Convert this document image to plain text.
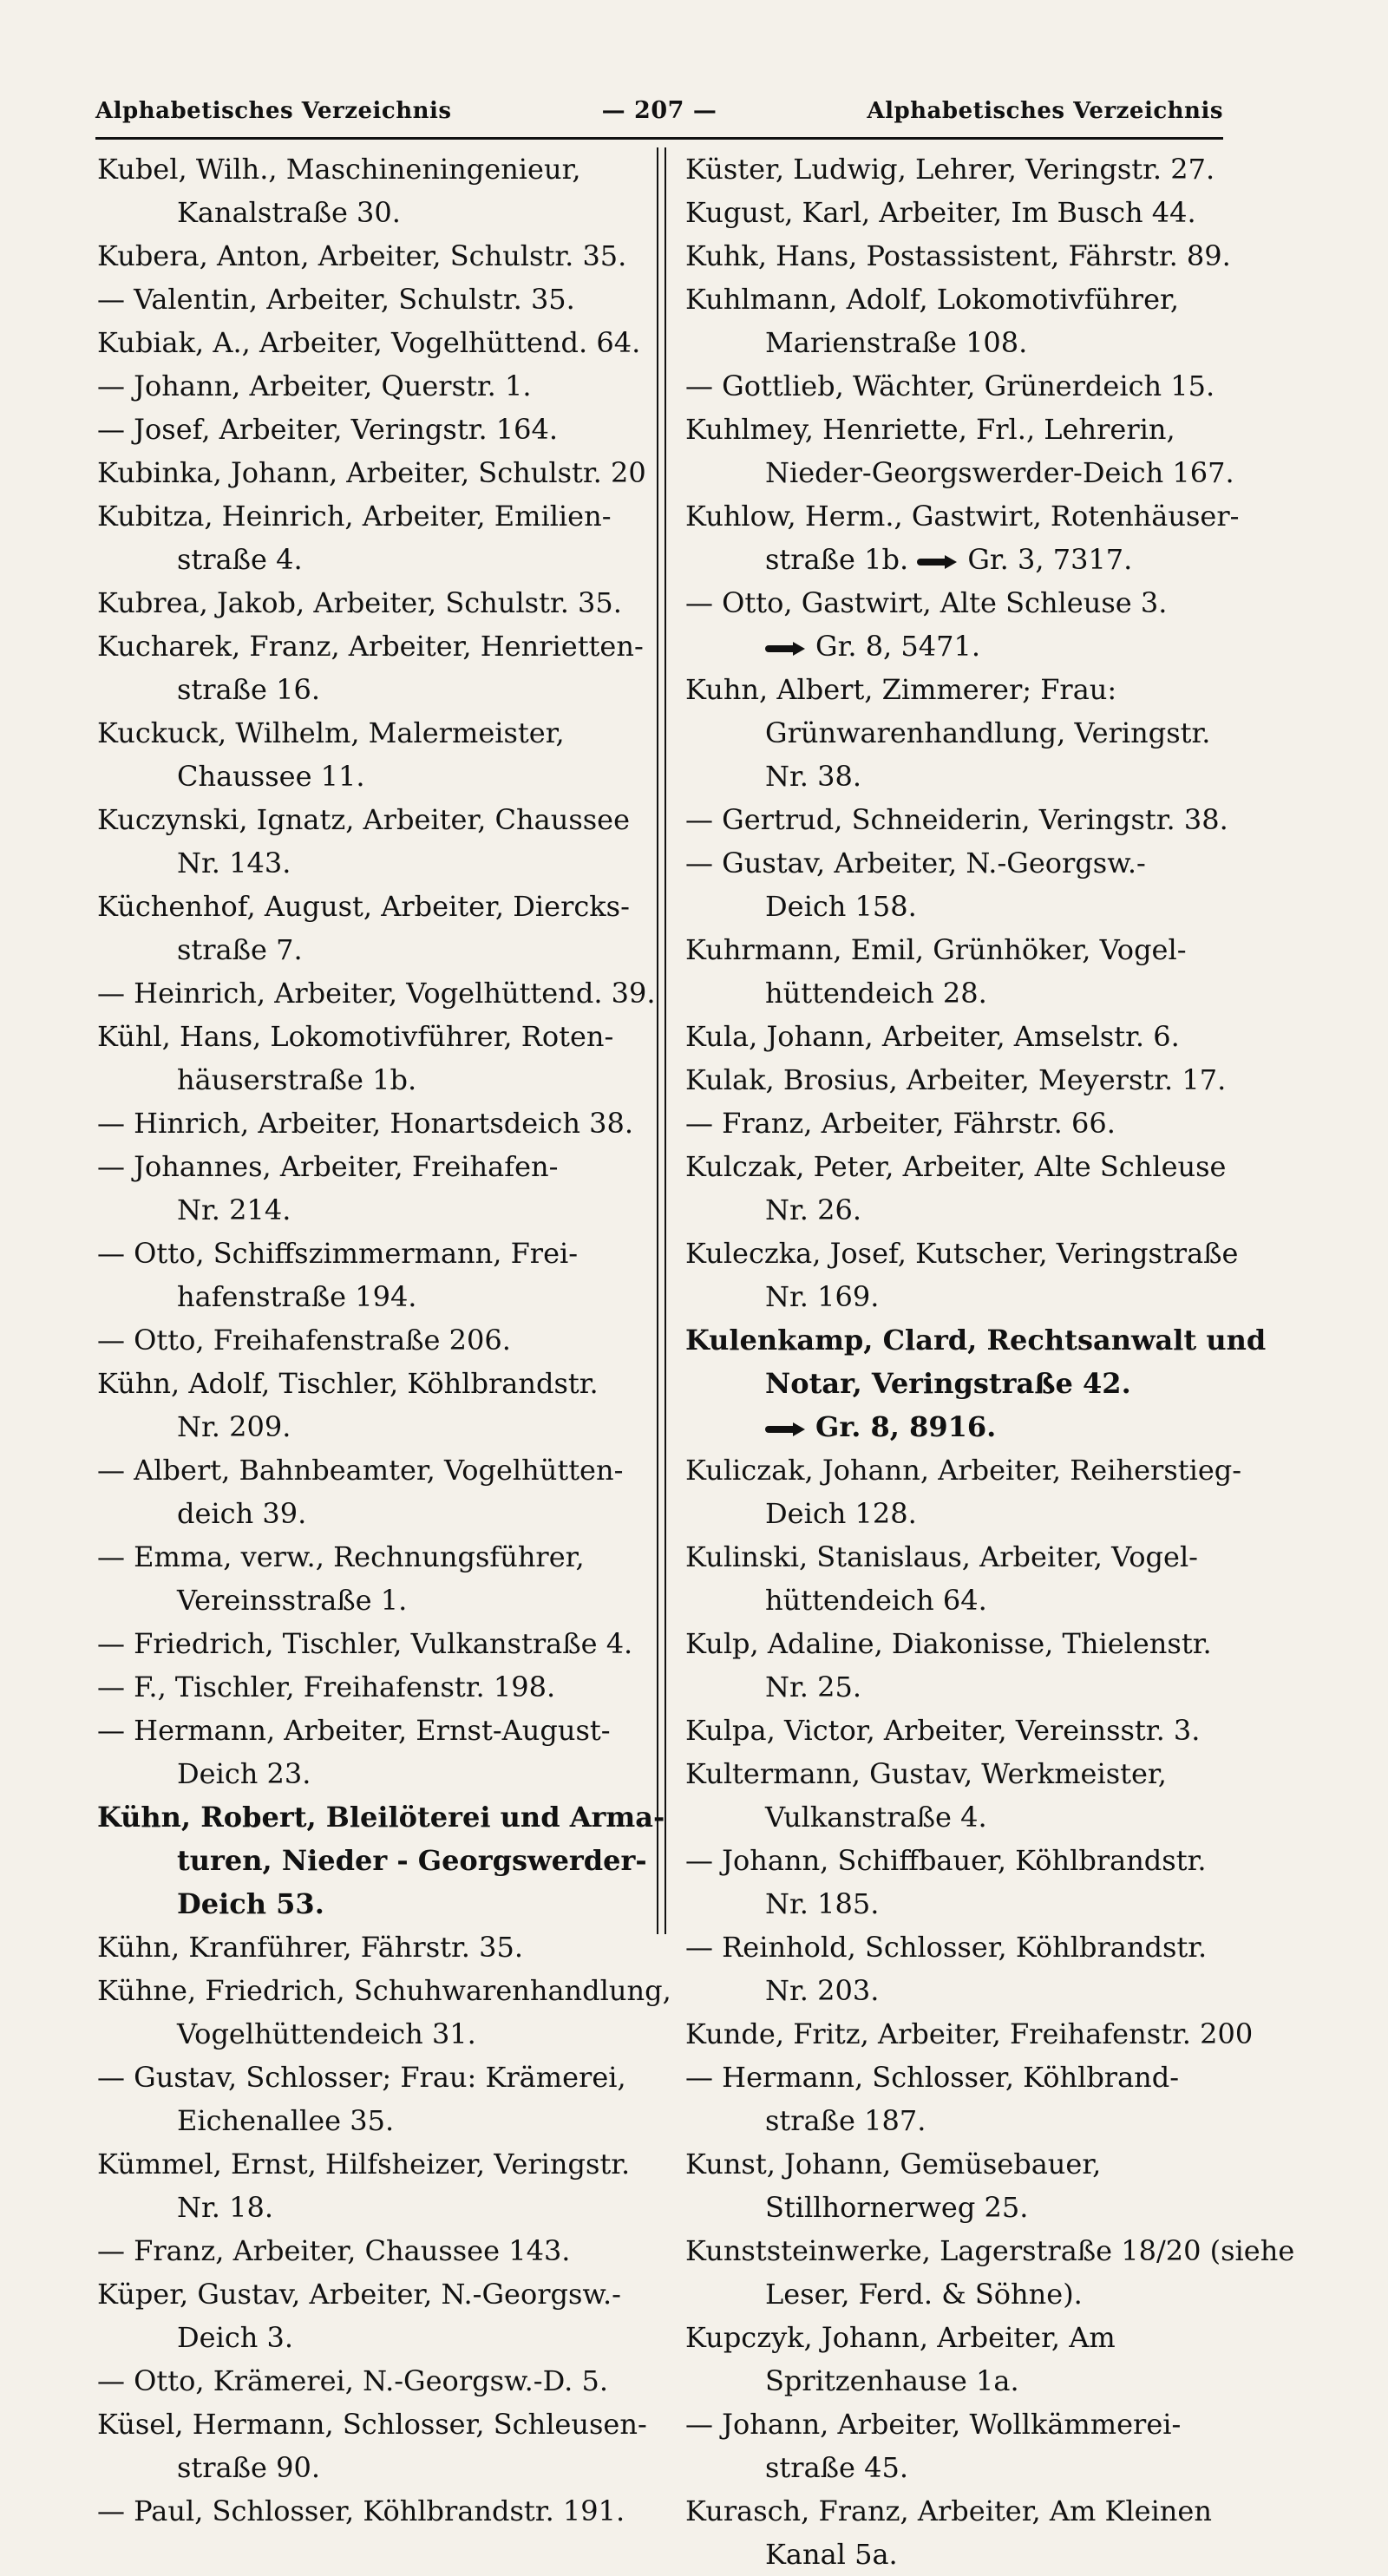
Alphabetisches Verzeichnis	— 207 —	Alphabetisches Verzeichnis
Kubel, Wilh., Maschineningenieur,
Kanalstraße 30.
Kubera, Anton, Arbeiter, Schulstr. 35.
— Valentin, Arbeiter, Schulstr. 35.
Kubiak, A., Arbeiter, Vogelhüttend. 64.
— Johann, Arbeiter, Querstr. 1.
— Josef, Arbeiter, Veringstr. 164.
Kubinka, Johann, Arbeiter, Schulstr. 20
Kubitza, Heinrich, Arbeiter, Emilien-
straße 4.
Kubrea, Jakob, Arbeiter, Schulstr. 35.
Kucharek, Franz, Arbeiter, Henrietten-
straße 16.
Kuckuck, Wilhelm, Malermeister,
Chaussee 11.
Kuczynski, Ignatz, Arbeiter, Chaussee
Nr. 143.
Küchenhof, August, Arbeiter, Diercks-
straße 7.
— Heinrich, Arbeiter, Vogelhüttend. 39.
Kühl, Hans, Lokomotivführer, Roten-
häuserstraße 1b.
— Hinrich, Arbeiter, Honartsdeich 38.
— Johannes, Arbeiter, Freihafen-
Nr. 214.
— Otto, Schiffszimmermann, Frei-
hafenstraße 194.
— Otto, Freihafenstraße 206.
Kühn, Adolf, Tischler, Köhlbrandstr.
Nr. 209.
— Albert, Bahnbeamter, Vogelhütten-
deich 39.
— Emma, verw., Rechnungsführer,
Vereinsstraße 1.
— Friedrich, Tischler, Vulkanstraße 4.
— F., Tischler, Freihafenstr. 198.
— Hermann, Arbeiter, Ernst-August-
Deich 23.
Kühn, Robert, Bleilöterei und Arma-
turen, Nieder - Georgswerder-
Deich 53.
Kühn, Kranführer, Fährstr. 35.
Kühne, Friedrich, Schuhwarenhandlung,
Vogelhüttendeich 31.
— Gustav, Schlosser; Frau: Krämerei,
Eichenallee 35.
Kümmel, Ernst, Hilfsheizer, Veringstr.
Nr. 18.
— Franz, Arbeiter, Chaussee 143.
Küper, Gustav, Arbeiter, N.-Georgsw.-
Deich 3.
— Otto, Krämerei, N.-Georgsw.-D. 5.
Küsel, Hermann, Schlosser, Schleusen-
straße 90.
— Paul, Schlosser, Köhlbrandstr. 191.
Küster, Ludwig, Lehrer, Veringstr. 27.
Kugust, Karl, Arbeiter, Im Busch 44.
Kuhk, Hans, Postassistent, Fährstr. 89.
Kuhlmann, Adolf, Lokomotivführer,
Marienstraße 108.
— Gottlieb, Wächter, Grünerdeich 15.
Kuhlmey, Henriette, Frl., Lehrerin,
Nieder-Georgswerder-Deich 167.
Kuhlow, Herm., Gastwirt, Rotenhäuser-
straße 1b. Gr. 3, 7317.
— Otto, Gastwirt, Alte Schleuse 3.
Gr. 8, 5471.
Kuhn, Albert, Zimmerer; Frau:
Grünwarenhandlung, Veringstr.
Nr. 38.
— Gertrud, Schneiderin, Veringstr. 38.
— Gustav, Arbeiter, N.-Georgsw.-
Deich 158.
Kuhrmann, Emil, Grünhöker, Vogel-
hüttendeich 28.
Kula, Johann, Arbeiter, Amselstr. 6.
Kulak, Brosius, Arbeiter, Meyerstr. 17.
— Franz, Arbeiter, Fährstr. 66.
Kulczak, Peter, Arbeiter, Alte Schleuse
Nr. 26.
Kuleczka, Josef, Kutscher, Veringstraße
Nr. 169.
Kulenkamp, Clard, Rechtsanwalt und
Notar, Veringstraße 42.
Gr. 8, 8916.
Kuliczak, Johann, Arbeiter, Reiherstieg-
Deich 128.
Kulinski, Stanislaus, Arbeiter, Vogel-
hüttendeich 64.
Kulp, Adaline, Diakonisse, Thielenstr.
Nr. 25.
Kulpa, Victor, Arbeiter, Vereinsstr. 3.
Kultermann, Gustav, Werkmeister,
Vulkanstraße 4.
— Johann, Schiffbauer, Köhlbrandstr.
Nr. 185.
— Reinhold, Schlosser, Köhlbrandstr.
Nr. 203.
Kunde, Fritz, Arbeiter, Freihafenstr. 200
— Hermann, Schlosser, Köhlbrand-
straße 187.
Kunst, Johann, Gemüsebauer,
Stillhornerweg 25.
Kunststeinwerke, Lagerstraße 18/20 (siehe
Leser, Ferd. & Söhne).
Kupczyk, Johann, Arbeiter, Am
Spritzenhause 1a.
— Johann, Arbeiter, Wollkämmerei-
straße 45.
Kurasch, Franz, Arbeiter, Am Kleinen
Kanal 5a.
